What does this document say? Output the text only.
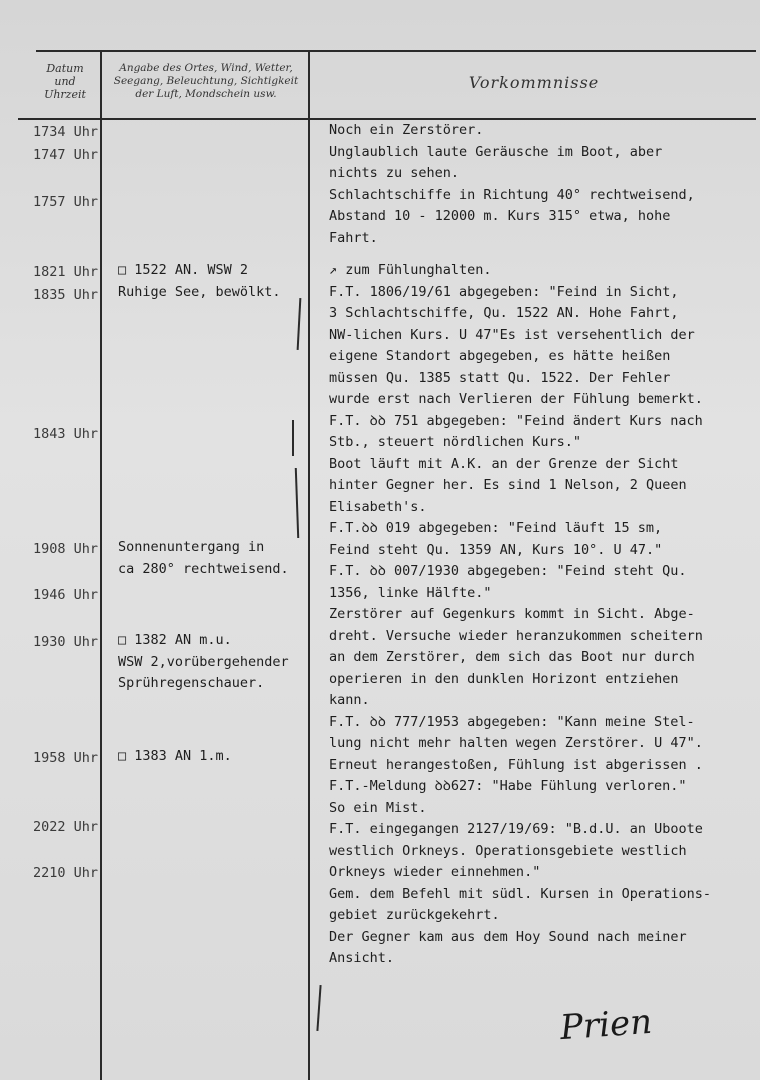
Datum
und
Uhrzeit
Angabe des Ortes, Wind, Wetter,
Seegang, Beleuchtung, Sichtigkeit
der Luft, Mondschein usw.
Vorkommnisse
1734 Uhr
1747 Uhr
1757 Uhr
1821 Uhr
1835 Uhr
1843 Uhr
1908 Uhr
1946 Uhr
1930 Uhr
1958 Uhr
2022 Uhr
2210 Uhr
□ 1522 AN. WSW 2
Ruhige See, bewölkt.
Sonnenuntergang in
ca 280° rechtweisend.
□ 1382 AN m.u.
WSW 2,vorübergehender
Sprühregenschauer.
□ 1383 AN 1.m.
Noch ein Zerstörer.
Unglaublich laute Geräusche im Boot, aber
nichts zu sehen.
Schlachtschiffe in Richtung 40° rechtweisend,
Abstand 10 - 12000 m. Kurs 315° etwa, hohe
Fahrt.
↗ zum Fühlunghalten.
F.T. 1806/19/61 abgegeben: "Feind in Sicht,
3 Schlachtschiffe, Qu. 1522 AN. Hohe Fahrt,
NW-lichen Kurs. U 47"Es ist versehentlich der
eigene Standort abgegeben, es hätte heißen
müssen Qu. 1385 statt Qu. 1522. Der Fehler
wurde erst nach Verlieren der Fühlung bemerkt.
F.T. ꝺꝺ 751 abgegeben: "Feind ändert Kurs nach
Stb., steuert nördlichen Kurs."
Boot läuft mit A.K. an der Grenze der Sicht
hinter Gegner her. Es sind 1 Nelson, 2 Queen
Elisabeth's.
F.T.ꝺꝺ 019 abgegeben: "Feind läuft 15 sm,
Feind steht Qu. 1359 AN, Kurs 10°. U 47."
F.T. ꝺꝺ 007/1930 abgegeben: "Feind steht Qu.
1356, linke Hälfte."
Zerstörer auf Gegenkurs kommt in Sicht. Abge-
dreht. Versuche wieder heranzukommen scheitern
an dem Zerstörer, dem sich das Boot nur durch
operieren in den dunklen Horizont entziehen
kann.
F.T. ꝺꝺ 777/1953 abgegeben: "Kann meine Stel-
lung nicht mehr halten wegen Zerstörer. U 47".
Erneut herangestoßen, Fühlung ist abgerissen .
F.T.-Meldung ꝺꝺ627: "Habe Fühlung verloren."
So ein Mist.
F.T. eingegangen 2127/19/69: "B.d.U. an Uboote
westlich Orkneys. Operationsgebiete westlich
Orkneys wieder einnehmen."
Gem. dem Befehl mit südl. Kursen in Operations-
gebiet zurückgekehrt.
Der Gegner kam aus dem Hoy Sound nach meiner
Ansicht.
Prien
